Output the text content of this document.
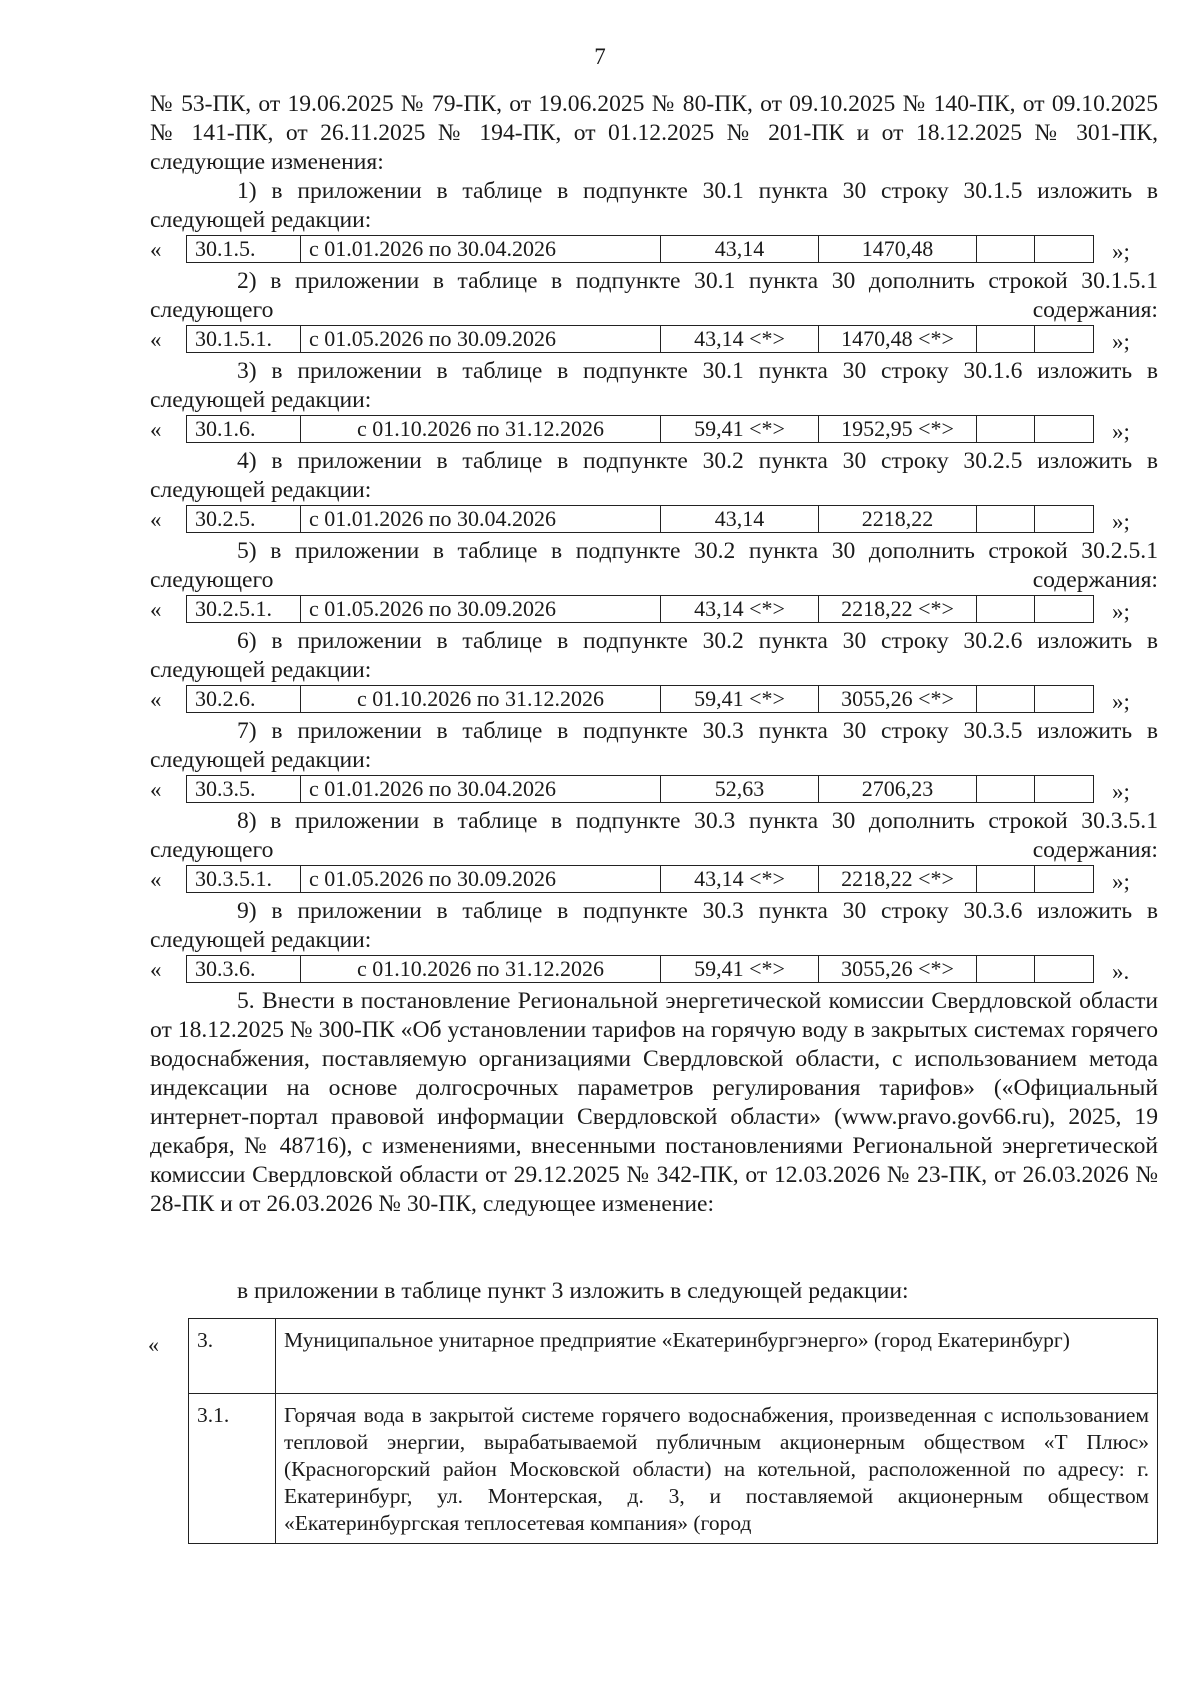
7

№ 53-ПК, от 19.06.2025 № 79-ПК, от 19.06.2025 № 80-ПК, от 09.10.2025 № 140-ПК, от 09.10.2025 № 141-ПК, от 26.11.2025 № 194-ПК, от 01.12.2025 № 201-ПК и от 18.12.2025 № 301-ПК, следующие изменения:

1) в приложении в таблице в подпункте 30.1 пункта 30 строку 30.1.5 изложить в следующей редакции:

«	30.1.5.	с 01.01.2026 по 30.04.2026	43,14	1470,48	»;

2) в приложении в таблице в подпункте 30.1 пункта 30 дополнить строкой 30.1.5.1 следующего содержания:

«	30.1.5.1.	с 01.05.2026 по 30.09.2026	43,14 <*>	1470,48 <*>	»;

3) в приложении в таблице в подпункте 30.1 пункта 30 строку 30.1.6 изложить в следующей редакции:

«	30.1.6.	с 01.10.2026 по 31.12.2026	59,41 <*>	1952,95 <*>	»;

4) в приложении в таблице в подпункте 30.2 пункта 30 строку 30.2.5 изложить в следующей редакции:

«	30.2.5.	с 01.01.2026 по 30.04.2026	43,14	2218,22	»;

5) в приложении в таблице в подпункте 30.2 пункта 30 дополнить строкой 30.2.5.1 следующего содержания:

«	30.2.5.1.	с 01.05.2026 по 30.09.2026	43,14 <*>	2218,22 <*>	»;

6) в приложении в таблице в подпункте 30.2 пункта 30 строку 30.2.6 изложить в следующей редакции:

«	30.2.6.	с 01.10.2026 по 31.12.2026	59,41 <*>	3055,26 <*>	»;

7) в приложении в таблице в подпункте 30.3 пункта 30 строку 30.3.5 изложить в следующей редакции:

«	30.3.5.	с 01.01.2026 по 30.04.2026	52,63	2706,23	»;

8) в приложении в таблице в подпункте 30.3 пункта 30 дополнить строкой 30.3.5.1 следующего содержания:

«	30.3.5.1.	с 01.05.2026 по 30.09.2026	43,14 <*>	2218,22 <*>	»;

9) в приложении в таблице в подпункте 30.3 пункта 30 строку 30.3.6 изложить в следующей редакции:

«	30.3.6.	с 01.10.2026 по 31.12.2026	59,41 <*>	3055,26 <*>	».

5. Внести в постановление Региональной энергетической комиссии Свердловской области от 18.12.2025 № 300-ПК «Об установлении тарифов на горячую воду в закрытых системах горячего водоснабжения, поставляемую организациями Свердловской области, с использованием метода индексации на основе долгосрочных параметров регулирования тарифов» («Официальный интернет-портал правовой информации Свердловской области» (www.pravo.gov66.ru), 2025, 19 декабря, № 48716), с изменениями, внесенными постановлениями Региональной энергетической комиссии Свердловской области от 29.12.2025 № 342-ПК, от 12.03.2026 № 23-ПК, от 26.03.2026 № 28-ПК и от 26.03.2026 № 30-ПК, следующее изменение:

в приложении в таблице пункт 3 изложить в следующей редакции:

« 3.	Муниципальное унитарное предприятие «Екатеринбургэнерго» (город Екатеринбург)
3.1.	Горячая вода в закрытой системе горячего водоснабжения, произведенная с использованием тепловой энергии, вырабатываемой публичным акционерным обществом «Т Плюс» (Красногорский район Московской области) на котельной, расположенной по адресу: г. Екатеринбург, ул. Монтерская, д. 3, и поставляемой акционерным обществом «Екатеринбургская теплосетевая компания» (город
